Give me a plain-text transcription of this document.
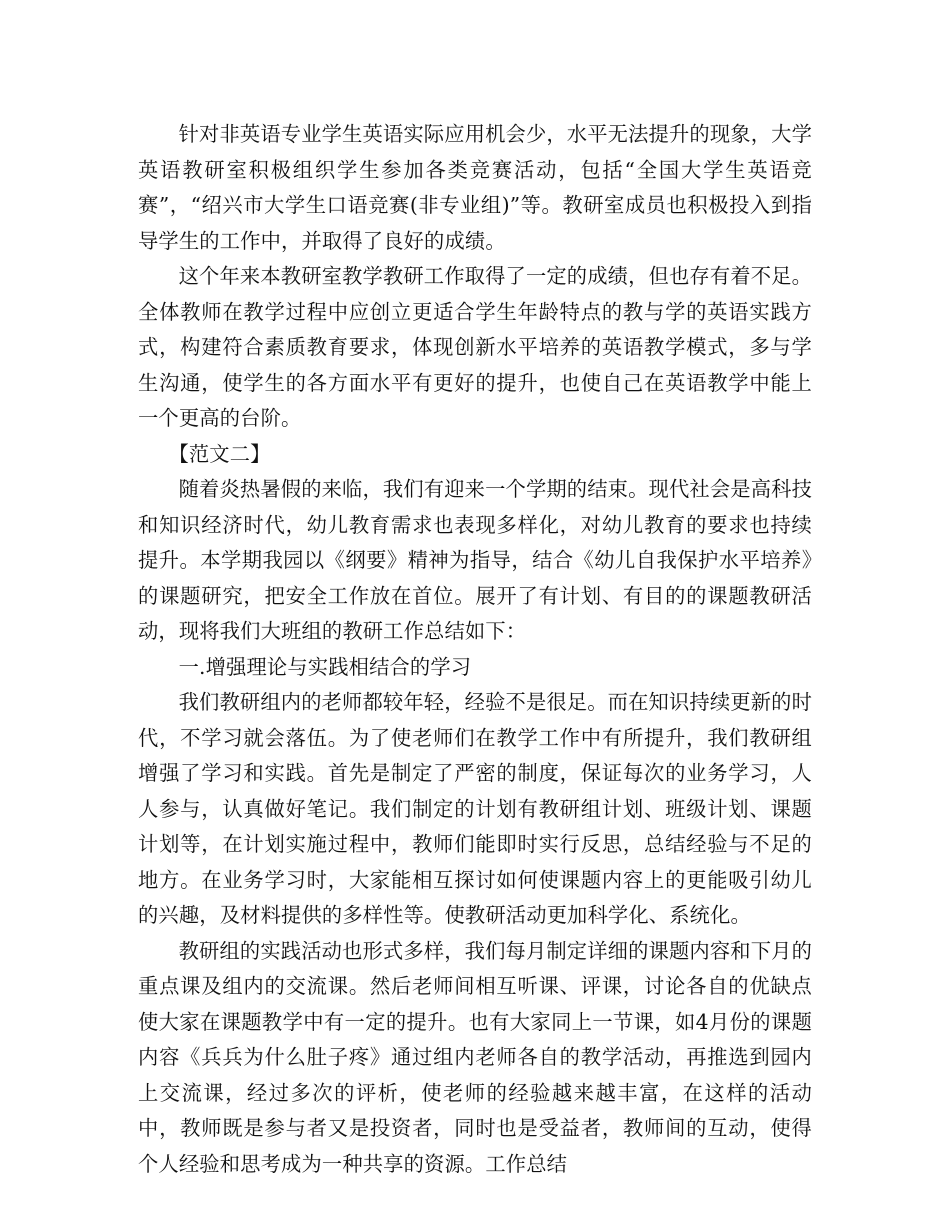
针对非英语专业学生英语实际应用机会少，水平无法提升的现象，大学英语教研室积极组织学生参加各类竞赛活动，包括“全国大学生英语竞赛”，“绍兴市大学生口语竞赛(非专业组)”等。教研室成员也积极投入到指导学生的工作中，并取得了良好的成绩。

这个年来本教研室教学教研工作取得了一定的成绩，但也存有着不足。全体教师在教学过程中应创立更适合学生年龄特点的教与学的英语实践方式，构建符合素质教育要求，体现创新水平培养的英语教学模式，多与学生沟通，使学生的各方面水平有更好的提升，也使自己在英语教学中能上一个更高的台阶。

【范文二】

随着炎热暑假的来临，我们有迎来一个学期的结束。现代社会是高科技和知识经济时代，幼儿教育需求也表现多样化，对幼儿教育的要求也持续提升。本学期我园以《纲要》精神为指导，结合《幼儿自我保护水平培养》的课题研究，把安全工作放在首位。展开了有计划、有目的的课题教研活动，现将我们大班组的教研工作总结如下：

一.增强理论与实践相结合的学习

我们教研组内的老师都较年轻，经验不是很足。而在知识持续更新的时代，不学习就会落伍。为了使老师们在教学工作中有所提升，我们教研组增强了学习和实践。首先是制定了严密的制度，保证每次的业务学习，人人参与，认真做好笔记。我们制定的计划有教研组计划、班级计划、课题计划等，在计划实施过程中，教师们能即时实行反思，总结经验与不足的地方。在业务学习时，大家能相互探讨如何使课题内容上的更能吸引幼儿的兴趣，及材料提供的多样性等。使教研活动更加科学化、系统化。

教研组的实践活动也形式多样，我们每月制定详细的课题内容和下月的重点课及组内的交流课。然后老师间相互听课、评课，讨论各自的优缺点使大家在课题教学中有一定的提升。也有大家同上一节课，如4月份的课题内容《兵兵为什么肚子疼》通过组内老师各自的教学活动，再推选到园内上交流课，经过多次的评析，使老师的经验越来越丰富，在这样的活动中，教师既是参与者又是投资者，同时也是受益者，教师间的互动，使得个人经验和思考成为一种共享的资源。工作总结
